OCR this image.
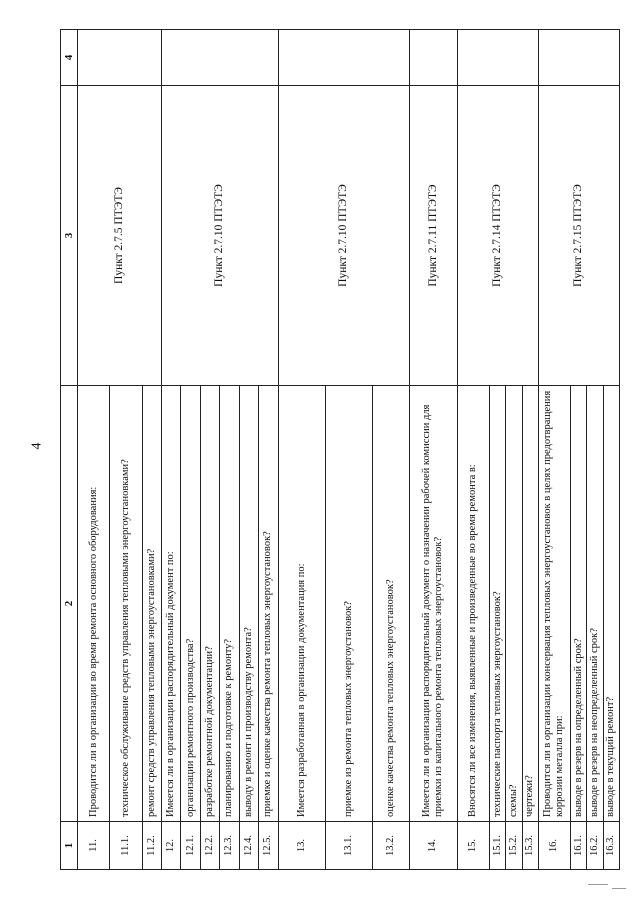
4
1	2	3	4
11.	Проводится ли в организации во время ремонта основного оборудования:	Пункт 2.7.5 ПТЭТЭ	
11.1.	техническое обслуживание средств управления тепловыми энергоустановками?		
11.2.	ремонт средств управления тепловыми энергоустановками?		
12.	Имеется ли в организации распорядительный документ по:	Пункт 2.7.10 ПТЭТЭ	
12.1.	организации ремонтного производства?		
12.2.	разработке ремонтной документации?		
12.3.	планированию и подготовке к ремонту?		
12.4.	выводу в ремонт и производству ремонта?		
12.5.	приемке и оценке качества ремонта тепловых энергоустановок?		
13.	Имеется разработанная в организации документация по:	Пункт 2.7.10 ПТЭТЭ	
13.1.	приемке из ремонта тепловых энергоустановок?		
13.2.	оценке качества ремонта тепловых энергоустановок?		
14.	Имеется ли в организации распорядительный документ о назначении рабочей комиссии для приемки из капитального ремонта тепловых энергоустановок?	Пункт 2.7.11 ПТЭТЭ	
15.	Вносятся ли все изменения, выявленные и произведенные во время ремонта в:	Пункт 2.7.14 ПТЭТЭ	
15.1.	технические паспорта тепловых энергоустановок?		
15.2.	схемы?		
15.3.	чертежи?		
16.	Проводится ли в организации консервация тепловых энергоустановок в целях предотвращения коррозии металла при:	Пункт 2.7.15 ПТЭТЭ	
16.1.	выводе в резерв на определенный срок?		
16.2.	выводе в резерв на неопределенный срок?		
16.3.	выводе в текущий ремонт?		
